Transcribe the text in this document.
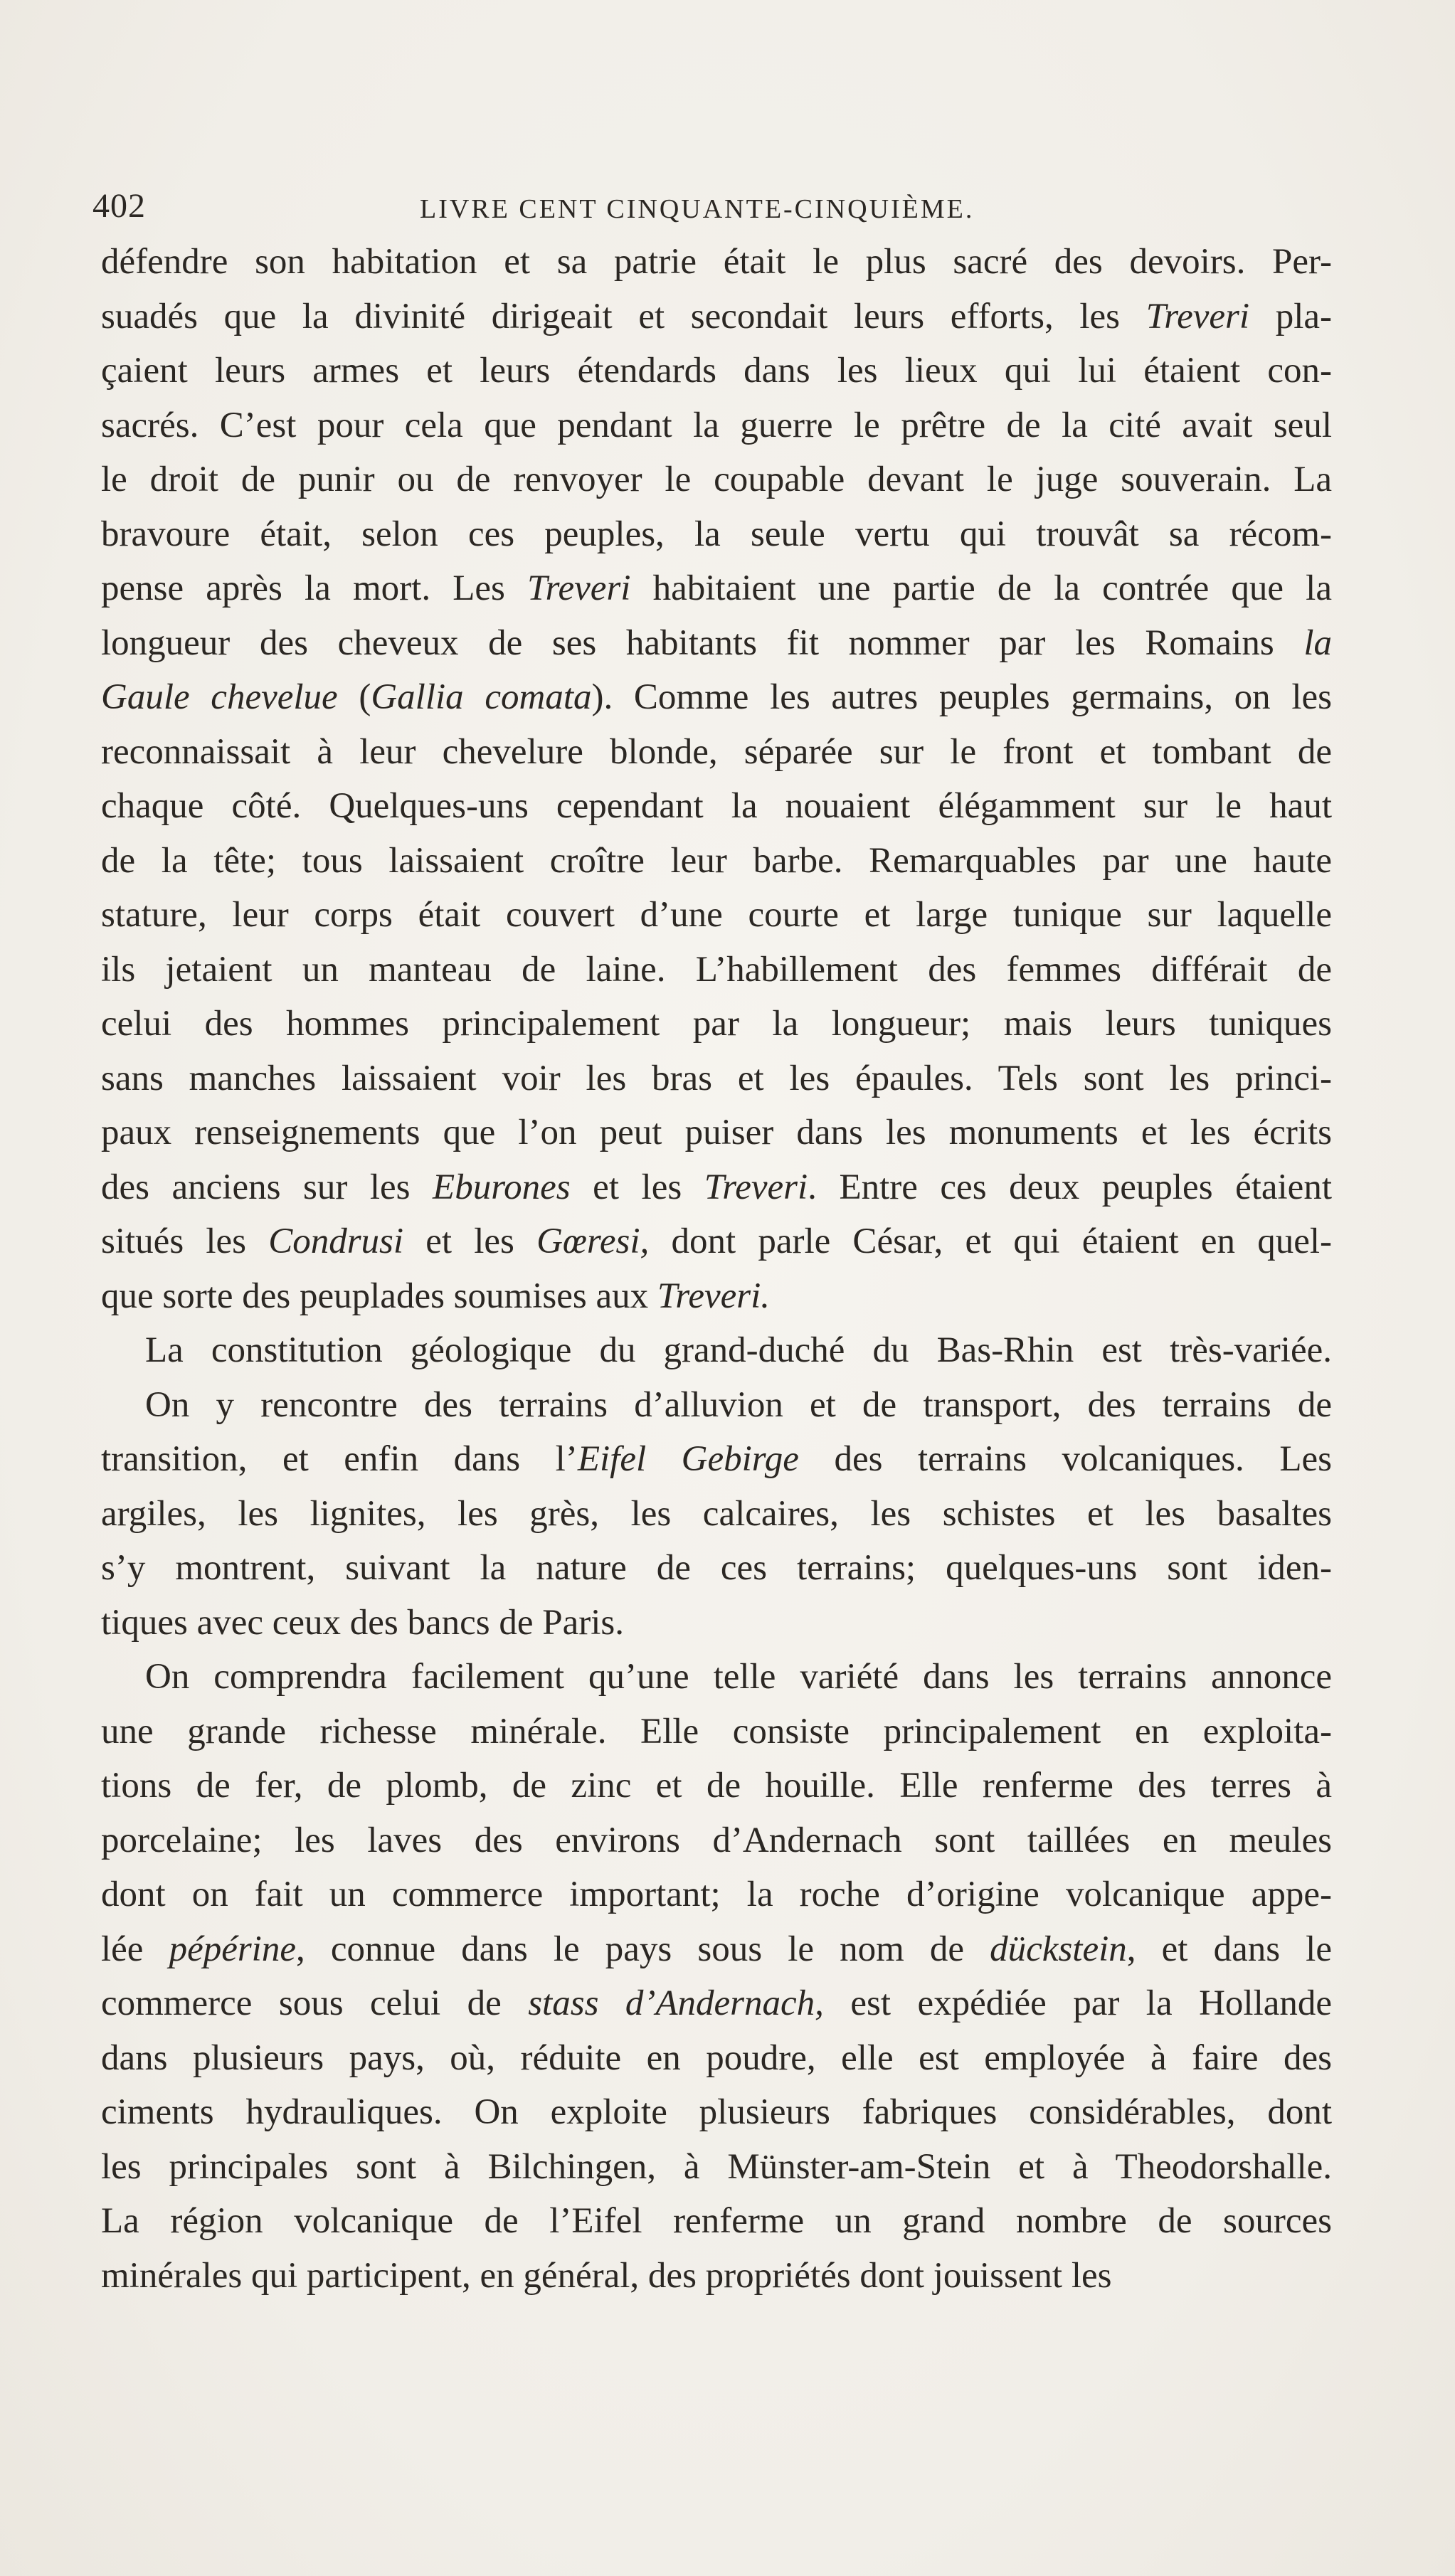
402	LIVRE CENT CINQUANTE-CINQUIÈME.
défendre son habitation et sa patrie était le plus sacré des devoirs. Per-
suadés que la divinité dirigeait et secondait leurs efforts, les Treveri pla-
çaient leurs armes et leurs étendards dans les lieux qui lui étaient con-
sacrés. C’est pour cela que pendant la guerre le prêtre de la cité avait seul
le droit de punir ou de renvoyer le coupable devant le juge souverain. La
bravoure était, selon ces peuples, la seule vertu qui trouvât sa récom-
pense après la mort. Les Treveri habitaient une partie de la contrée que la
longueur des cheveux de ses habitants fit nommer par les Romains la
Gaule chevelue (Gallia comata). Comme les autres peuples germains, on les
reconnaissait à leur chevelure blonde, séparée sur le front et tombant de
chaque côté. Quelques-uns cependant la nouaient élégamment sur le haut
de la tête; tous laissaient croître leur barbe. Remarquables par une haute
stature, leur corps était couvert d’une courte et large tunique sur laquelle
ils jetaient un manteau de laine. L’habillement des femmes différait de
celui des hommes principalement par la longueur; mais leurs tuniques
sans manches laissaient voir les bras et les épaules. Tels sont les princi-
paux renseignements que l’on peut puiser dans les monuments et les écrits
des anciens sur les Eburones et les Treveri. Entre ces deux peuples étaient
situés les Condrusi et les Gœresi, dont parle César, et qui étaient en quel-
que sorte des peuplades soumises aux Treveri.
La constitution géologique du grand-duché du Bas-Rhin est très-variée.
On y rencontre des terrains d’alluvion et de transport, des terrains de
transition, et enfin dans l’Eifel Gebirge des terrains volcaniques. Les
argiles, les lignites, les grès, les calcaires, les schistes et les basaltes
s’y montrent, suivant la nature de ces terrains; quelques-uns sont iden-
tiques avec ceux des bancs de Paris.
On comprendra facilement qu’une telle variété dans les terrains annonce
une grande richesse minérale. Elle consiste principalement en exploita-
tions de fer, de plomb, de zinc et de houille. Elle renferme des terres à
porcelaine; les laves des environs d’Andernach sont taillées en meules
dont on fait un commerce important; la roche d’origine volcanique appe-
lée pépérine, connue dans le pays sous le nom de dückstein, et dans le
commerce sous celui de stass d’Andernach, est expédiée par la Hollande
dans plusieurs pays, où, réduite en poudre, elle est employée à faire des
ciments hydrauliques. On exploite plusieurs fabriques considérables, dont
les principales sont à Bilchingen, à Münster-am-Stein et à Theodorshalle.
La région volcanique de l’Eifel renferme un grand nombre de sources
minérales qui participent, en général, des propriétés dont jouissent les
